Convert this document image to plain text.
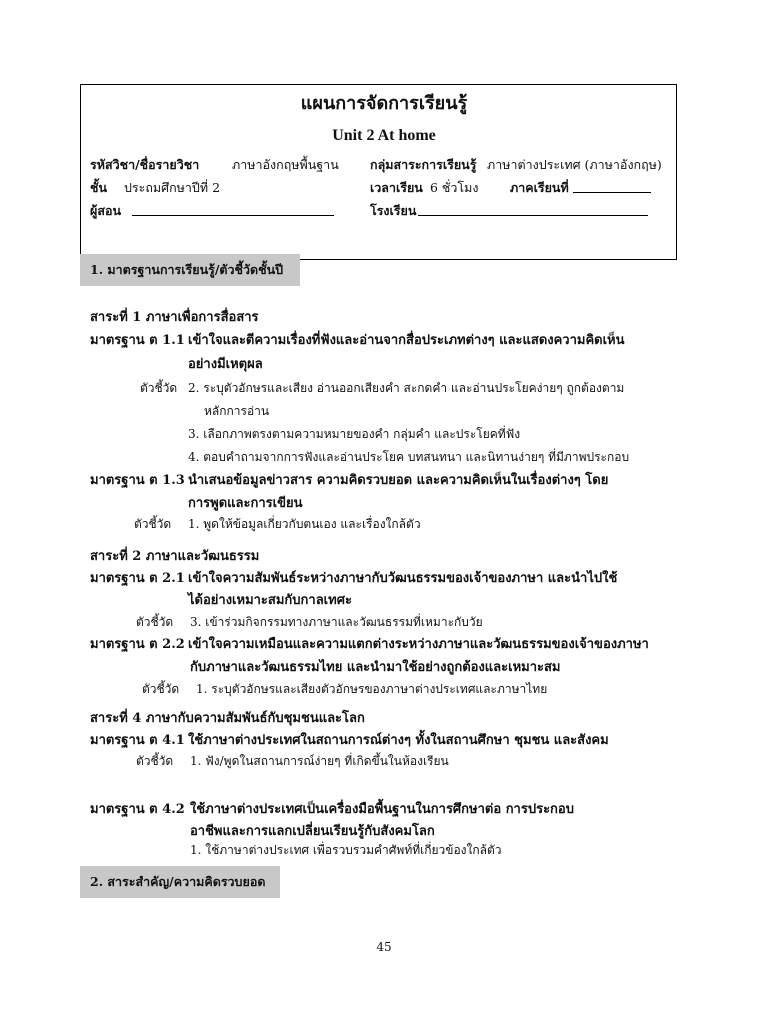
แผนการจัดการเรียนรู้
Unit 2 At home
รหัสวิชา/ชื่อรายวิชา	ภาษาอังกฤษพื้นฐาน กลุ่มสาระการเรียนรู้ ภาษาต่างประเทศ (ภาษาอังกฤษ)
ชั้น ประถมศึกษาปีที่ 2	เวลาเรียน 6 ชั่วโมง	ภาคเรียนที่
ผู้สอน	โรงเรียน
1. มาตรฐานการเรียนรู้/ตัวชี้วัดชั้นปี
สาระที่ 1 ภาษาเพื่อการสื่อสาร
มาตรฐาน ต 1.1 เข้าใจและตีความเรื่องที่ฟังและอ่านจากสื่อประเภทต่างๆ และแสดงความคิดเห็น
อย่างมีเหตุผล
ตัวชี้วัด 2. ระบุตัวอักษรและเสียง อ่านออกเสียงคำ สะกดคำ และอ่านประโยคง่ายๆ ถูกต้องตาม
หลักการอ่าน
3. เลือกภาพตรงตามความหมายของคำ กลุ่มคำ และประโยคที่ฟัง
4. ตอบคำถามจากการฟังและอ่านประโยค บทสนทนา และนิทานง่ายๆ ที่มีภาพประกอบ
มาตรฐาน ต 1.3 นำเสนอข้อมูลข่าวสาร ความคิดรวบยอด และความคิดเห็นในเรื่องต่างๆ โดย
การพูดและการเขียน
ตัวชี้วัด 1. พูดให้ข้อมูลเกี่ยวกับตนเอง และเรื่องใกล้ตัว
สาระที่ 2 ภาษาและวัฒนธรรม
มาตรฐาน ต 2.1 เข้าใจความสัมพันธ์ระหว่างภาษากับวัฒนธรรมของเจ้าของภาษา และนำไปใช้
ได้อย่างเหมาะสมกับกาลเทศะ
ตัวชี้วัด 3. เข้าร่วมกิจกรรมทางภาษาและวัฒนธรรมที่เหมาะกับวัย
มาตรฐาน ต 2.2 เข้าใจความเหมือนและความแตกต่างระหว่างภาษาและวัฒนธรรมของเจ้าของภาษา
กับภาษาและวัฒนธรรมไทย และนำมาใช้อย่างถูกต้องและเหมาะสม
ตัวชี้วัด 1. ระบุตัวอักษรและเสียงตัวอักษรของภาษาต่างประเทศและภาษาไทย
สาระที่ 4 ภาษากับความสัมพันธ์กับชุมชนและโลก
มาตรฐาน ต 4.1 ใช้ภาษาต่างประเทศในสถานการณ์ต่างๆ ทั้งในสถานศึกษา ชุมชน และสังคม
ตัวชี้วัด 1. ฟัง/พูดในสถานการณ์ง่ายๆ ที่เกิดขึ้นในห้องเรียน
มาตรฐาน ต 4.2 ใช้ภาษาต่างประเทศเป็นเครื่องมือพื้นฐานในการศึกษาต่อ การประกอบ
อาชีพและการแลกเปลี่ยนเรียนรู้กับสังคมโลก
1. ใช้ภาษาต่างประเทศ เพื่อรวบรวมคำศัพท์ที่เกี่ยวข้องใกล้ตัว
2. สาระสำคัญ/ความคิดรวบยอด
45
